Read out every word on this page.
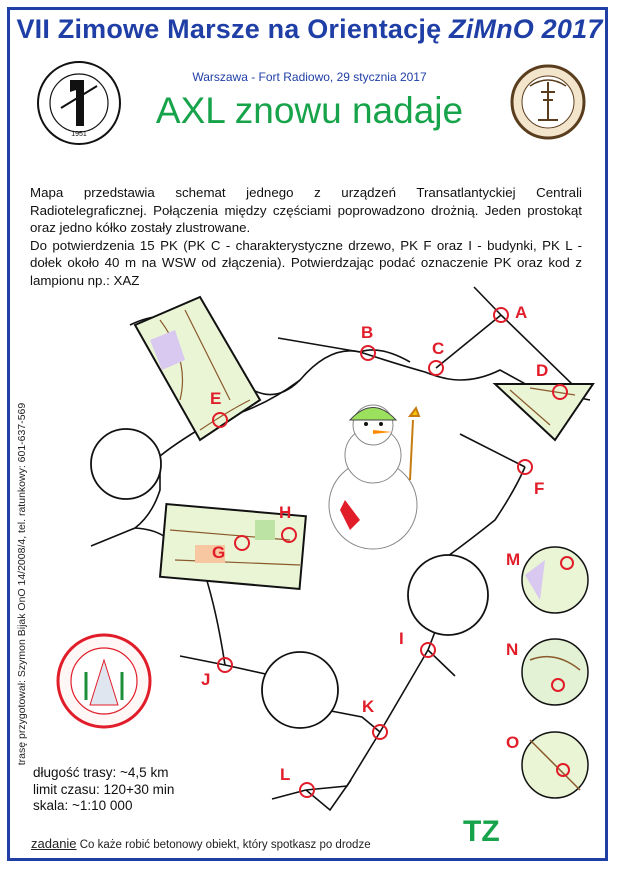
VII Zimowe Marsze na Orientację ZiMnO 2017
Warszawa - Fort Radiowo, 29 stycznia 2017
AXL znowu nadaje

Mapa przedstawia schemat jednego z urządzeń Transatlantyckiej Centrali Radiotelegraficznej. Połączenia między częściami poprowadzono drożnią. Jeden prostokąt oraz jedno kółko zostały zlustrowane.

Do potwierdzenia 15 PK (PK C - charakterystyczne drzewo, PK F oraz I - budynki, PK L - dołek około 40 m na WSW od złączenia). Potwierdzając podać oznaczenie PK oraz kod z lampionu np.: XAZ

1951
A
B
C
D
E
F
G
H
I
J
K
L
M
N
O
trasę przygotował: Szymon Bijak OnO 14/2008/4, tel. ratunkowy: 601-637-569
długość trasy: ~4,5 km
limit czasu: 120+30 min
skala: ~1:10 000
zadanie Co każe robić betonowy obiekt, który spotkasz po drodze	TZ
